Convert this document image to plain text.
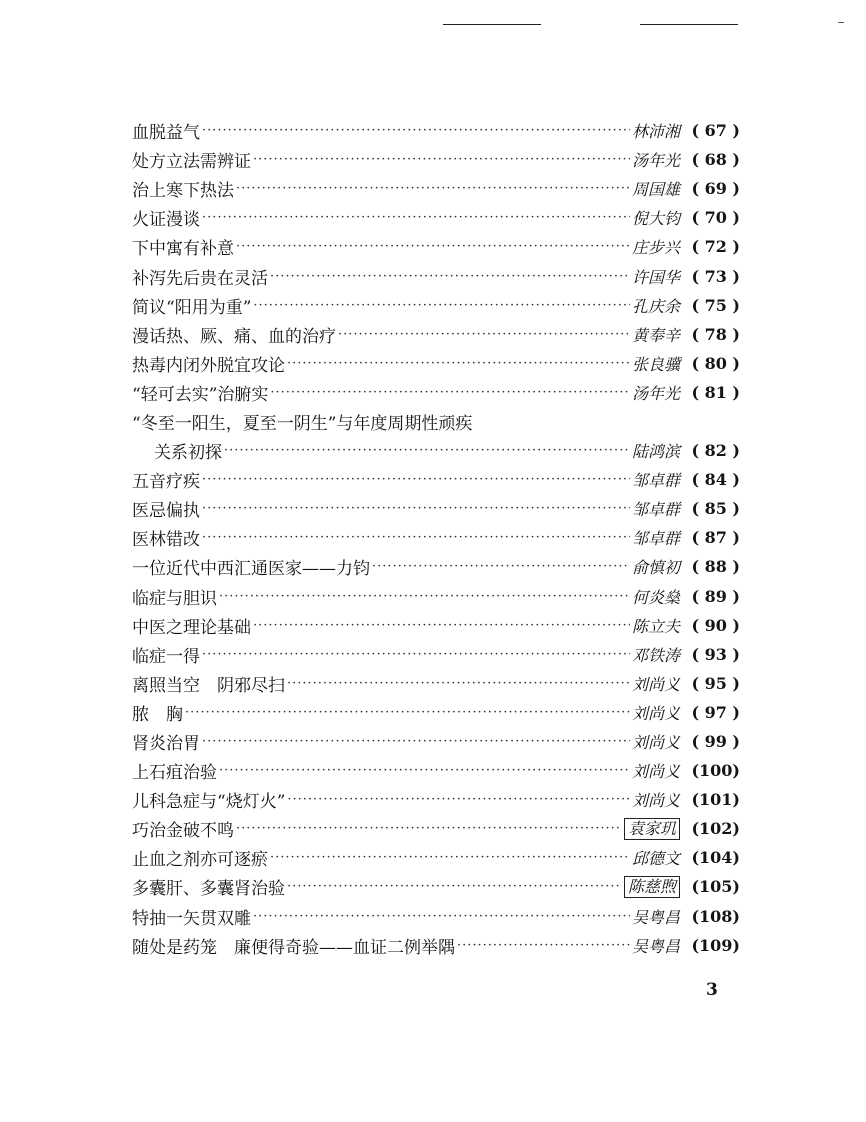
血脱益气 ·····	林沛湘 ( 67 )
处方立法需辨证 ·····	汤年光 ( 68 )
治上寒下热法 ·····	周国雄 ( 69 )
火证漫谈 ·····	倪大钧 ( 70 )
下中寓有补意 ·····	庄步兴 ( 72 )
补泻先后贵在灵活 ·····	许国华 ( 73 )
简议“阳用为重” ·····	孔庆余 ( 75 )
漫话热、厥、痛、血的治疗 ·····	黄奉辛 ( 78 )
热毒内闭外脱宜攻论 ·····	张良骥 ( 80 )
“轻可去实”治腑实 ·····	汤年光 ( 81 )
“冬至一阳生，夏至一阴生”与年度周期性顽疾
关系初探 ·····	陆鸿滨 ( 82 )
五音疗疾 ·····	邹卓群 ( 84 )
医忌偏执 ·····	邹卓群 ( 85 )
医林错改 ·····	邹卓群 ( 87 )
一位近代中西汇通医家——力钧 ·····	俞慎初 ( 88 )
临症与胆识 ·····	何炎燊 ( 89 )
中医之理论基础 ·····	陈立夫 ( 90 )
临症一得 ·····	邓铁涛 ( 93 )
离照当空　阴邪尽扫 ·····	刘尚义 ( 95 )
脓　胸 ·····	刘尚义 ( 97 )
肾炎治胃 ·····	刘尚义 ( 99 )
上石疽治验 ·····	刘尚义 (100)
儿科急症与“烧灯火” ·····	刘尚义 (101)
巧治金破不鸣 ·····	袁家玑 (102)
止血之剂亦可逐瘀 ·····	邱德文 (104)
多囊肝、多囊肾治验 ·····	陈慈煦 (105)
特抽一矢贯双雕 ·····	吴粤昌 (108)
随处是药笼　廉便得奇验——血证二例举隅 ·····	吴粤昌 (109)
3
